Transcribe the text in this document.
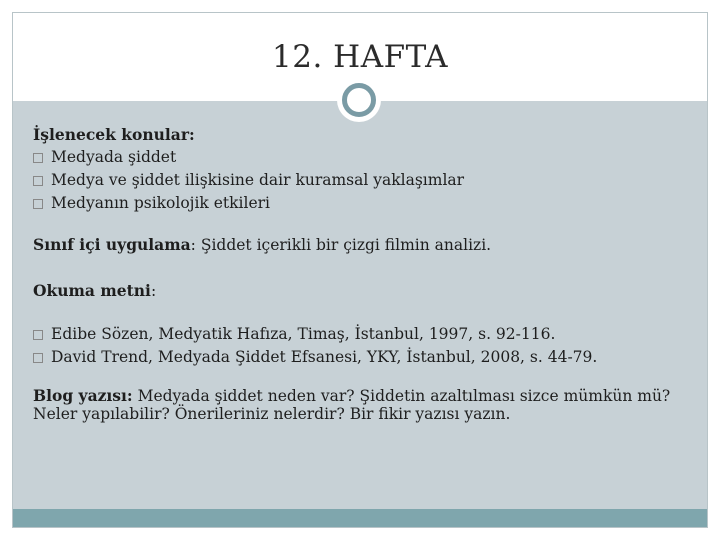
12. HAFTA
İşlenecek konular:
Medyada şiddet
Medya ve şiddet ilişkisine dair kuramsal yaklaşımlar
Medyanın psikolojik etkileri
Sınıf içi uygulama: Şiddet içerikli bir çizgi filmin analizi.
Okuma metni:
Edibe Sözen, Medyatik Hafıza, Timaş, İstanbul, 1997, s. 92-116.
David Trend, Medyada Şiddet Efsanesi, YKY, İstanbul, 2008, s. 44-79.
Blog yazısı: Medyada şiddet neden var? Şiddetin azaltılması sizce mümkün mü? Neler yapılabilir? Önerileriniz nelerdir? Bir fikir yazısı yazın.
